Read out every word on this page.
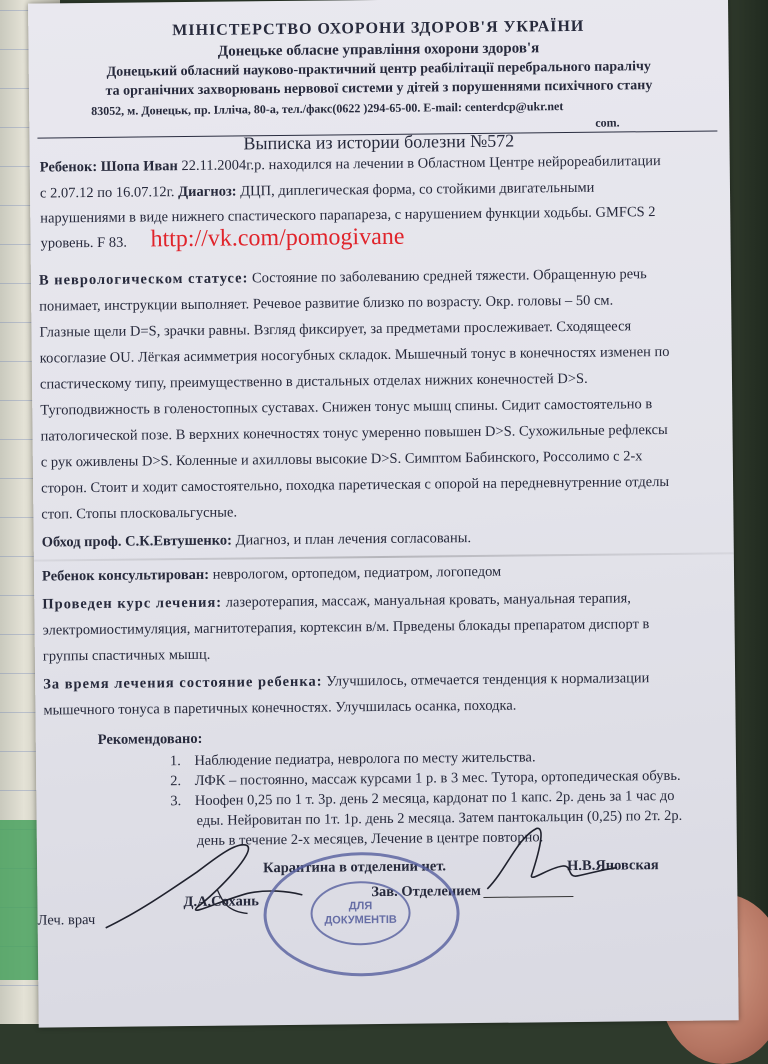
МІНІСТЕРСТВО ОХОРОНИ ЗДОРОВ'Я УКРАЇНИ
Донецьке обласне управління охорони здоров'я
Донецький обласний науково-практичний центр реабілітації перебрального паралічу
та органічних захворювань нервової системи у дітей з порушеннями психічного стану
83052, м. Донецьк, пр. Ілліча, 80-а, тел./факс(0622 )294-65-00. E-mail: centerdcp@ukr.net
com.
Выписка из истории болезни №572
Ребенок: Шопа Иван 22.11.2004г.р. находился на лечении в Областном Центре нейрореабилитации
с 2.07.12 по 16.07.12г. Диагноз: ДЦП, диплегическая форма, со стойкими двигательными
нарушениями в виде нижнего спастического парапареза, с нарушением функции ходьбы. GMFCS 2
уровень. F 83. http://vk.com/pomogivane
В неврологическом статусе: Состояние по заболеванию средней тяжести. Обращенную речь
понимает, инструкции выполняет. Речевое развитие близко по возрасту. Окр. головы – 50 см.
Глазные щели D=S, зрачки равны. Взгляд фиксирует, за предметами прослеживает. Сходящееся
косоглазие OU. Лёгкая асимметрия носогубных складок. Мышечный тонус в конечностях изменен по
спастическому типу, преимущественно в дистальных отделах нижних конечностей D>S.
Тугоподвижность в голеностопных суставах. Снижен тонус мышц спины. Сидит самостоятельно в
патологической позе. В верхних конечностях тонус умеренно повышен D>S. Сухожильные рефлексы
с рук оживлены D>S. Коленные и ахилловы высокие D>S. Симптом Бабинского, Россолимо с 2-х
сторон. Стоит и ходит самостоятельно, походка паретическая с опорой на передневнутренние отделы
стоп. Стопы плосковальгусные.
Обход проф. С.К.Евтушенко: Диагноз, и план лечения согласованы.
Ребенок консультирован: неврологом, ортопедом, педиатром, логопедом
Проведен курс лечения: лазеротерапия, массаж, мануальная кровать, мануальная терапия,
электромиостимуляция, магнитотерапия, кортексин в/м. Пpведены блокады препаратом диспорт в
группы спастичных мышц.
За время лечения состояние ребенка: Улучшилось, отмечается тенденция к нормализации
мышечного тонуса в паретичных конечностях. Улучшилась осанка, походка.
Рекомендовано:
1. Наблюдение педиатра, невролога по месту жительства.
2. ЛФК – постоянно, массаж курсами 1 р. в 3 мес. Тутора, ортопедическая обувь.
3. Ноофен 0,25 по 1 т. 3р. день 2 месяца, кардонат по 1 капс. 2р. день за 1 час до
еды. Нейровитан по 1т. 1р. день 2 месяца. Затем пантокальцин (0,25) по 2т. 2р.
день в течение 2-х месяцев, Лечение в центре повторно.
Карантина в отделении нет.
Леч. врач
Д.А.Сохань
Зав. Отделением
Н.В.Яновская
ДЛЯ
ДОКУМЕНТІВ
